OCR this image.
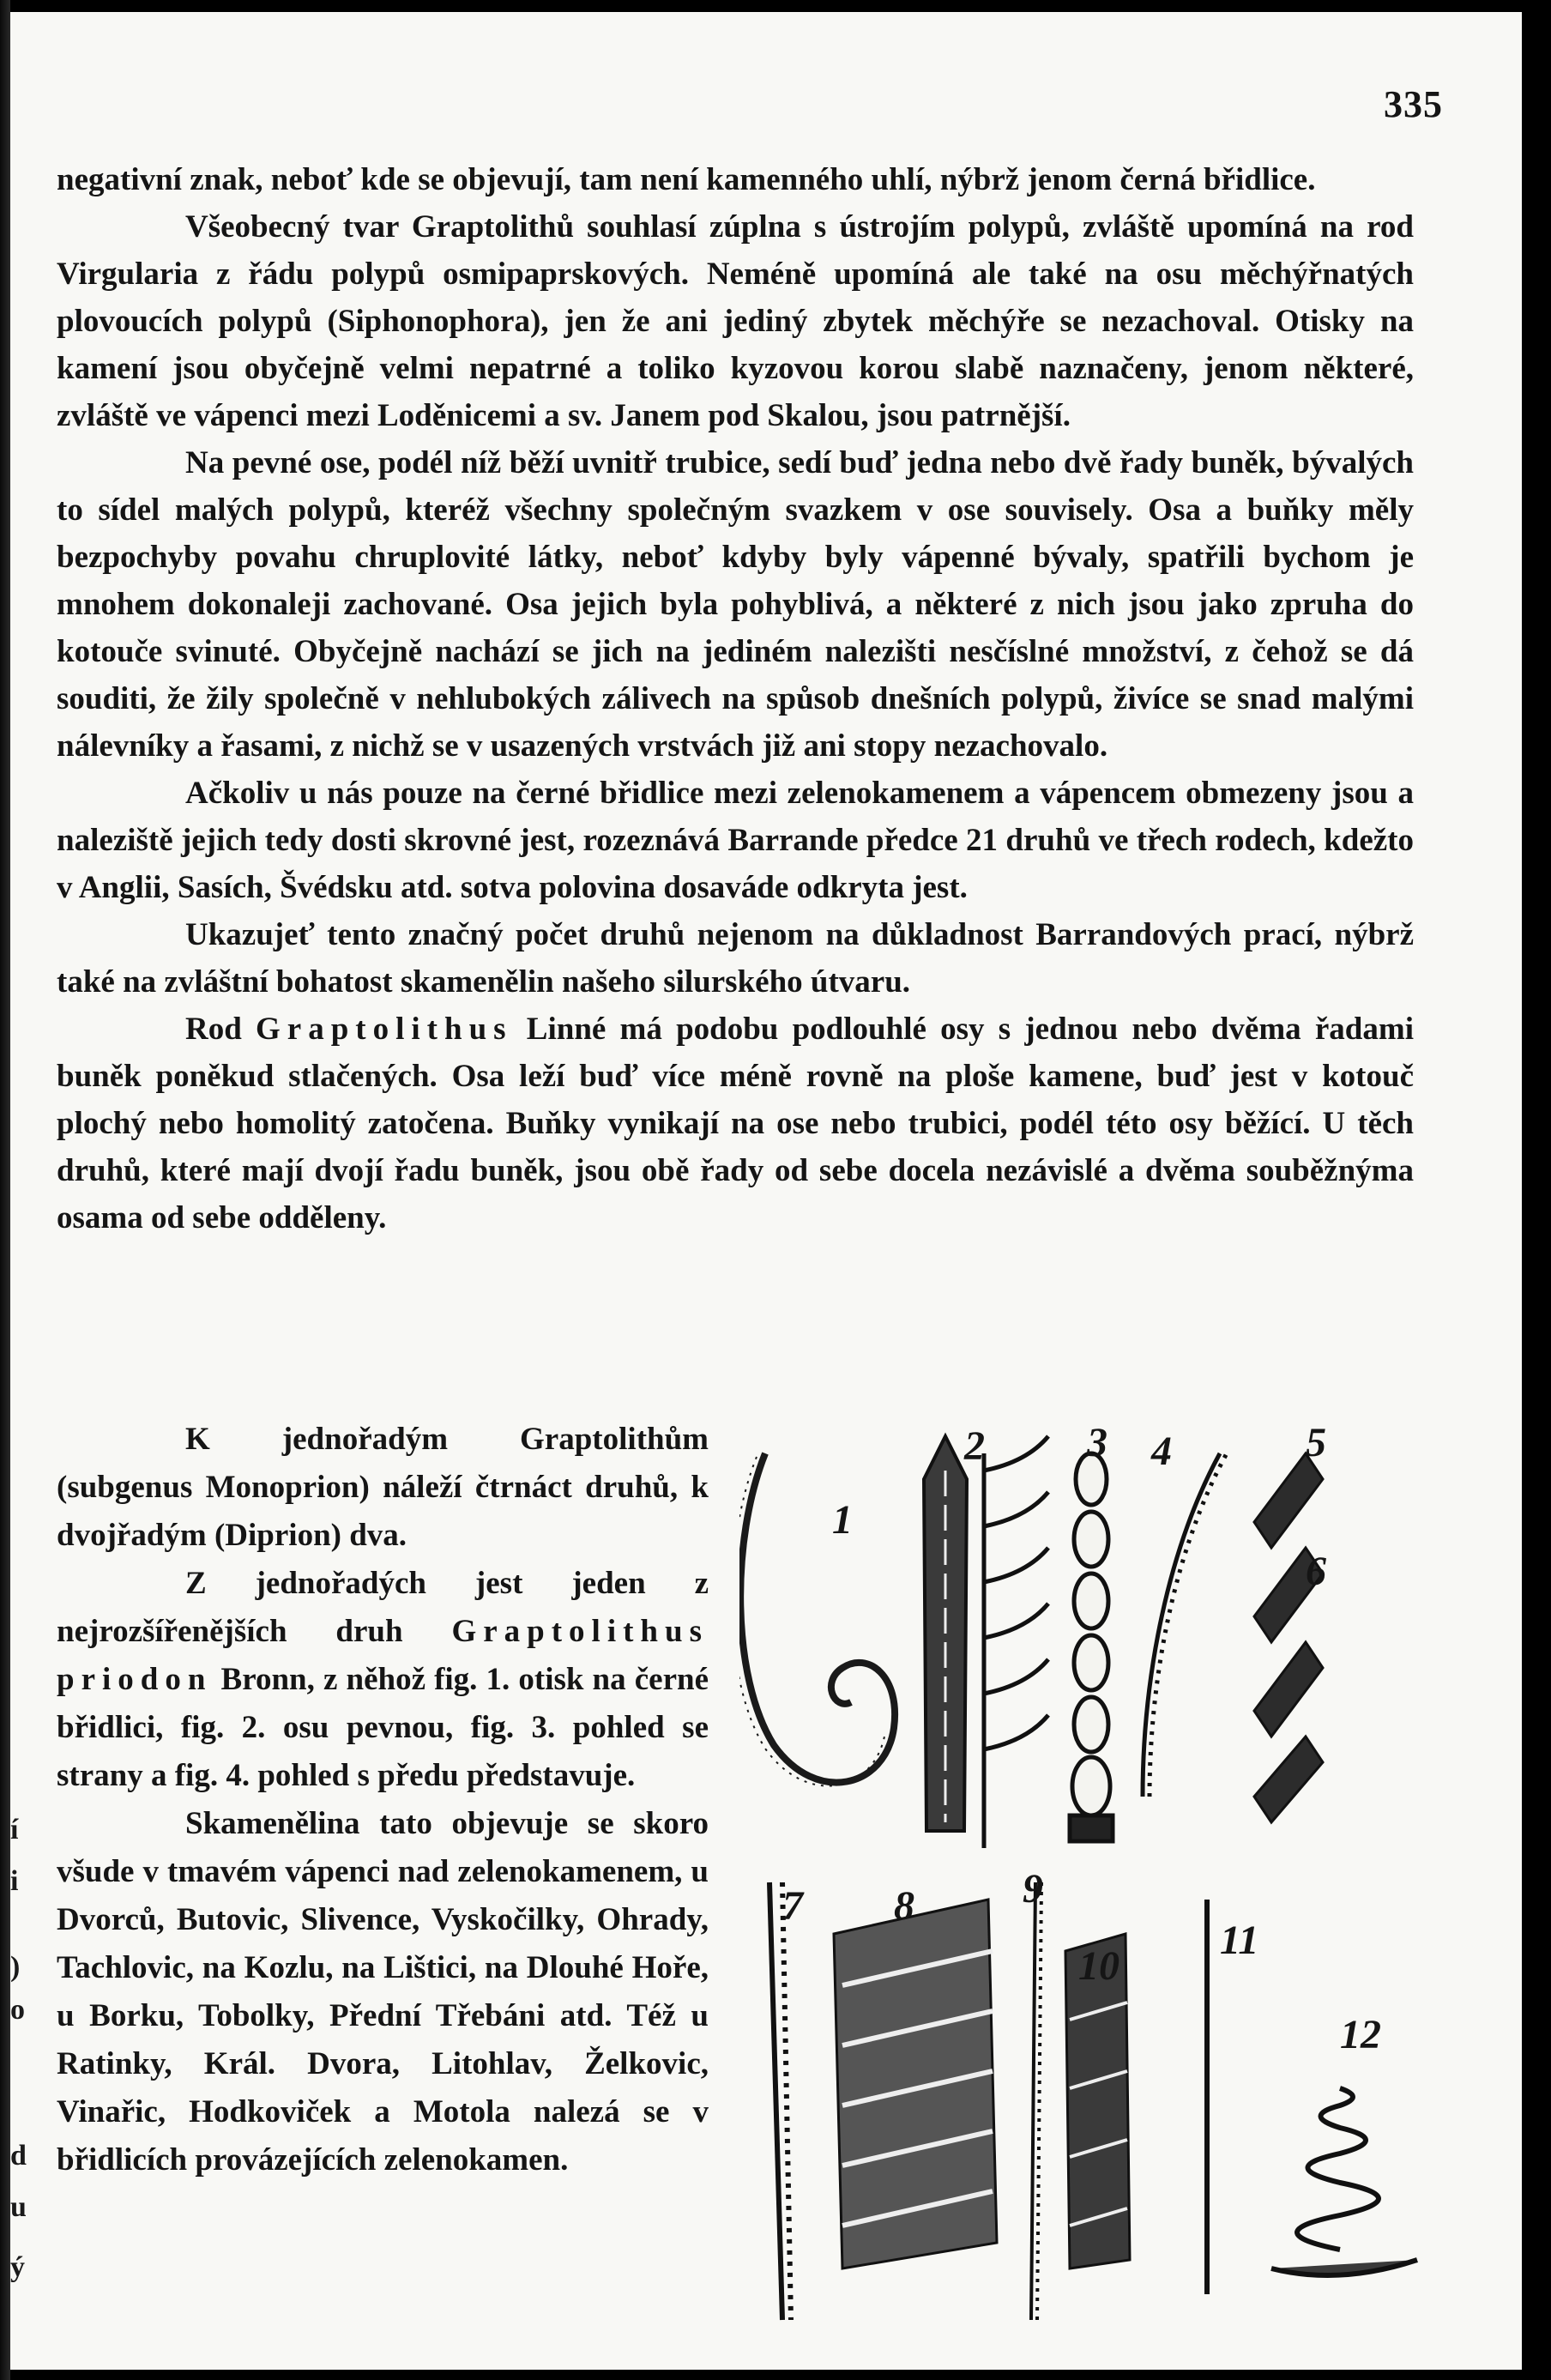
335

negativní znak, neboť kde se objevují, tam není kamenného uhlí, nýbrž jenom černá břidlice.

Všeobecný tvar Graptolithů souhlasí zúplna s ústrojím polypů, zvláště upomíná na rod Virgularia z řádu polypů osmipaprskových. Neméně upomíná ale také na osu měchýřnatých plovoucích polypů (Siphonophora), jen že ani jediný zbytek měchýře se nezachoval. Otisky na kamení jsou obyčejně velmi nepatrné a toliko kyzovou korou slabě naznačeny, jenom některé, zvláště ve vápenci mezi Loděnicemi a sv. Janem pod Skalou, jsou patrnější.

Na pevné ose, podél níž běží uvnitř trubice, sedí buď jedna nebo dvě řady buněk, bývalých to sídel malých polypů, kteréž všechny společným svazkem v ose souvisely. Osa a buňky měly bezpochyby povahu chruplovité látky, neboť kdyby byly vápenné bývaly, spatřili bychom je mnohem dokonaleji zachované. Osa jejich byla pohyblivá, a některé z nich jsou jako zpruha do kotouče svinuté. Obyčejně nachází se jich na jediném nalezišti nesčíslné množství, z čehož se dá souditi, že žily společně v nehlubokých zálivech na spůsob dnešních polypů, živíce se snad malými nálevníky a řasami, z nichž se v usazených vrstvách již ani stopy nezachovalo.

Ačkoliv u nás pouze na černé břidlice mezi zelenokamenem a vápencem obmezeny jsou a naleziště jejich tedy dosti skrovné jest, rozeznává Barrande předce 21 druhů ve třech rodech, kdežto v Anglii, Sasích, Švédsku atd. sotva polovina dosaváde odkryta jest.

Ukazujeť tento značný počet druhů nejenom na důkladnost Barrandových prací, nýbrž také na zvláštní bohatost skamenělin našeho silurského útvaru.

Rod Graptolithus Linné má podobu podlouhlé osy s jednou nebo dvěma řadami buněk poněkud stlačených. Osa leží buď více méně rovně na ploše kamene, buď jest v kotouč plochý nebo homolitý zatočena. Buňky vynikají na ose nebo trubici, podél této osy běžící. U těch druhů, které mají dvojí řadu buněk, jsou obě řady od sebe docela nezávislé a dvěma souběžnýma osama od sebe odděleny.

K jednořadým Graptolithům (subgenus Monoprion) náleží čtrnáct druhů, k dvojřadým (Diprion) dva.

Z jednořadých jest jeden z nejrozšířenějších druh Graptolithus priodon Bronn, z něhož fig. 1. otisk na černé břidlici, fig. 2. osu pevnou, fig. 3. pohled se strany a fig. 4. pohled s předu představuje.

Skamenělina tato objevuje se skoro všude v tmavém vápenci nad zelenokamenem, u Dvorců, Butovic, Slivence, Vyskočilky, Ohrady, Tachlovic, na Kozlu, na Lištici, na Dlouhé Hoře, u Borku, Tobolky, Přední Třebáni atd. Též u Ratinky, Král. Dvora, Litohlav, Želkovic, Vinařic, Hodkoviček a Motola nalezá se v břidlicích provázejících zelenokamen.

1
2 3 4	5
6
7 8	9
10
11
12
í
i
)
o
d
u
ý
